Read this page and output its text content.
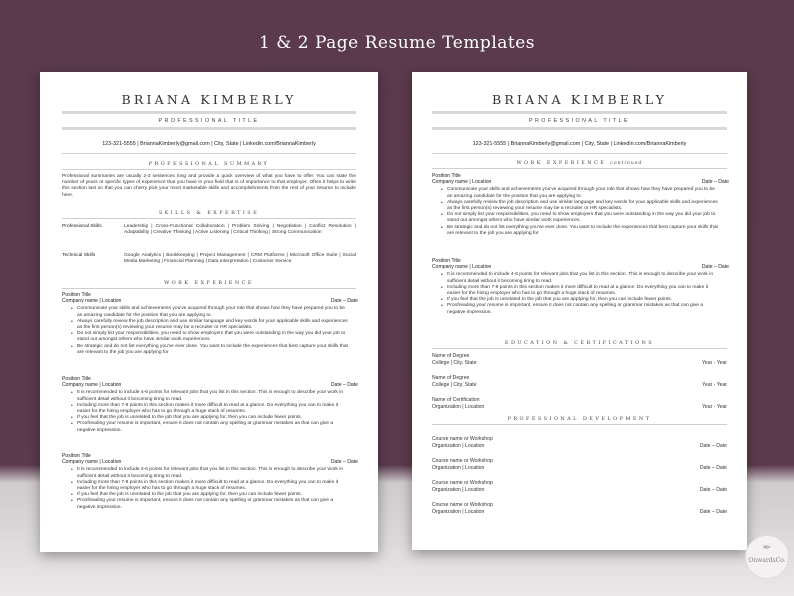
1 & 2 Page Resume Templates
BRIANA KIMBERLY
PROFESSIONAL TITLE
123-321-5555 | BriannaKimberly@gmail.com | City, State | Linkedin.com/BriannaKimberly
PROFESSIONAL SUMMARY
Professional summaries are usually 2-3 sentences long and provide a quick overview of what you have to offer. You can state the number of years or specific types of experience that you have in your field that is of importance to that employer. Often it helps to write this section last so that you can cherry pick your most marketable skills and accomplishments from the rest of your resume to include here.
SKILLS & EXPERTISE
Professional Skills	Leadership | Cross-Functional Collaboration | Problem Solving | Negotiation | Conflict Resolution | Adaptability | Creative Thinking | Active Listening | Critical Thinking | Strong Communication
Technical Skills	Google Analytics | Bookkeeping | Project Management | CRM Platforms | Microsoft Office Suite | Social Media Marketing | Financial Planning | Data Interpretation | Customer Service
WORK EXPERIENCE
Position Title
Company name | Location	Date – Date
• Communicate your skills and achievements you've acquired through your role that shows how they have prepared you to be an amazing candidate for the position that you are applying to.
• Always carefully review the job description and use similar language and key words for your applicable skills and experiences as the first person(s) reviewing your resume may be a recruiter or HR specialists.
• Do not simply list your responsibilities, you need to show employers that you were outstanding in the way you did your job to stand out amongst others who have similar work experiences.
• Be strategic and do not list everything you've ever done. You want to include the experiences that best capture your skills that are relevant to the job you are applying for
Position Title
Company name | Location	Date – Date
• It is recommended to include 4-6 points for relevant jobs that you list in this section. This is enough to describe your work in sufficient detail without it becoming tiring to read.
• Including more than 7-8 points in this section makes it more difficult to read at a glance. Do everything you can to make it easier for the hiring employer who has to go through a huge stack of resumes.
• If you feel that the job is unrelated to the job that you are applying for, then you can include fewer points.
• Proofreading your resume is important, ensure it does not contain any spelling or grammar mistakes as that can give a negative impression.
Position Title
Company name | Location	Date – Date
• It is recommended to include 4-6 points for relevant jobs that you list in this section. This is enough to describe your work in sufficient detail without it becoming tiring to read.
• Including more than 7-8 points in this section makes it more difficult to read at a glance. Do everything you can to make it easier for the hiring employer who has to go through a huge stack of resumes.
• If you feel that the job is unrelated to the job that you are applying for, then you can include fewer points.
• Proofreading your resume is important, ensure it does not contain any spelling or grammar mistakes as that can give a negative impression.
BRIANA KIMBERLY
PROFESSIONAL TITLE
123-321-5555 | BriannaKimberly@gmail.com | City, State | Linkedin.com/BriannaKimberly
WORK EXPERIENCE continued
Position Title
Company name | Location	Date – Date
• Communicate your skills and achievements you've acquired through your role that shows how they have prepared you to be an amazing candidate for the position that you are applying to.
• Always carefully review the job description and use similar language and key words for your applicable skills and experiences as the first person(s) reviewing your resume may be a recruiter or HR specialists.
• Do not simply list your responsibilities, you need to show employers that you were outstanding in the way you did your job to stand out amongst others who have similar work experiences.
• Be strategic and do not list everything you've ever done. You want to include the experiences that best capture your skills that are relevant to the job you are applying for
Position Title
Company name | Location	Date – Date
• It is recommended to include 4-6 points for relevant jobs that you list in this section. This is enough to describe your work in sufficient detail without it becoming tiring to read.
• Including more than 7-8 points in this section makes it more difficult to read at a glance. Do everything you can to make it easier for the hiring employer who has to go through a huge stack of resumes.
• If you feel that the job is unrelated to the job that you are applying for, then you can include fewer points.
• Proofreading your resume is important, ensure it does not contain any spelling or grammar mistakes as that can give a negative impression.
EDUCATION & CERTIFICATIONS
Name of Degree
College | City, State	Year - Year
Name of Degree
College | City, State	Year - Year
Name of Certification
Organization | Location	Year - Year
PROFESSIONAL DEVELOPMENT
Course name or Workshop
Organization | Location	Date – Date
Course name or Workshop
Organization | Location	Date – Date
Course name or Workshop
Organization | Location	Date – Date
Course name or Workshop
Organization | Location	Date – Date
✒
OnwardsCo.
